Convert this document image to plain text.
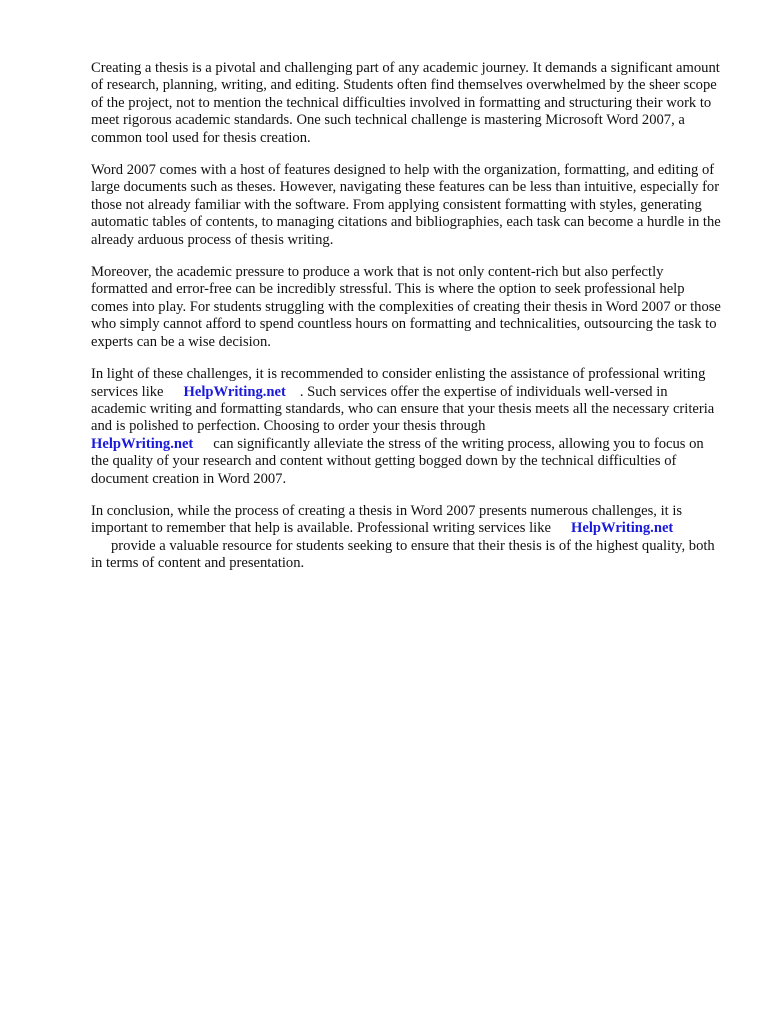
Creating a thesis is a pivotal and challenging part of any academic journey. It demands a significant amount of research, planning, writing, and editing. Students often find themselves overwhelmed by the sheer scope of the project, not to mention the technical difficulties involved in formatting and structuring their work to meet rigorous academic standards. One such technical challenge is mastering Microsoft Word 2007, a common tool used for thesis creation.

Word 2007 comes with a host of features designed to help with the organization, formatting, and editing of large documents such as theses. However, navigating these features can be less than intuitive, especially for those not already familiar with the software. From applying consistent formatting with styles, generating automatic tables of contents, to managing citations and bibliographies, each task can become a hurdle in the already arduous process of thesis writing.

Moreover, the academic pressure to produce a work that is not only content-rich but also perfectly formatted and error-free can be incredibly stressful. This is where the option to seek professional help comes into play. For students struggling with the complexities of creating their thesis in Word 2007 or those who simply cannot afford to spend countless hours on formatting and technicalities, outsourcing the task to experts can be a wise decision.

In light of these challenges, it is recommended to consider enlisting the assistance of professional writing services like HelpWriting.net . Such services offer the expertise of individuals well-versed in academic writing and formatting standards, who can ensure that your thesis meets all the necessary criteria and is polished to perfection. Choosing to order your thesis through
HelpWriting.net can significantly alleviate the stress of the writing process, allowing you to focus on the quality of your research and content without getting bogged down by the technical difficulties of document creation in Word 2007.

In conclusion, while the process of creating a thesis in Word 2007 presents numerous challenges, it is important to remember that help is available. Professional writing services like HelpWriting.net
provide a valuable resource for students seeking to ensure that their thesis is of the highest quality, both in terms of content and presentation.
